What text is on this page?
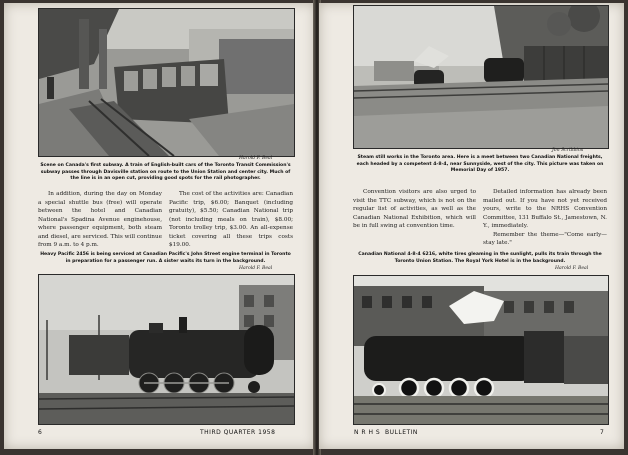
Harold F. Beal
Scene on Canada's first subway. A train of English-built cars of the Toronto Transit Commission's subway passes through Davisville station on route to the Union Station and center city. Much of the line is in an open cut, providing good spots for the rail photographer.

In addition, during the day on Monday a special shuttle bus (free) will operate between the hotel and Canadian National's Spadina Avenue enginehouse, where passenger equipment, both steam and diesel, are serviced. This will continue from 9 a.m. to 4 p.m.

The cost of the activities are: Canadian Pacific trip, $6.00; Banquet (including gratuity), $5.50; Canadian National trip (not including meals on train), $8.00; Toronto trolley trip, $3.00. An all-expense ticket covering all these trips costs $19.00.

Heavy Pacific 2456 is being serviced at Canadian Pacific's John Street engine terminal in Toronto in preparation for a passenger run. A sister waits its turn in the background.
Harold F. Beal
6	THIRD QUARTER 1958
Jim Scribbins
Steam still works in the Toronto area. Here is a meet between two Canadian National freights, each headed by a competent 4-8-4, near Sunnyside, west of the city. This picture was taken on Memorial Day of 1957.

Convention visitors are also urged to visit the TTC subway, which is not on the regular list of activities, as well as the Canadian National Exhibition, which will be in full swing at convention time.

Detailed information has already been mailed out. If you have not yet received yours, write to the NRHS Convention Committee, 131 Buffalo St., Jamestown, N. Y., immediately.

Remember the theme—"Come early—stay late."

Canadian National 4-8-4 6216, white tires gleaming in the sunlight, pulls its train through the Toronto Union Station. The Royal York Hotel is in the background.
Harold F. Beal
N R H S  BULLETIN	7
